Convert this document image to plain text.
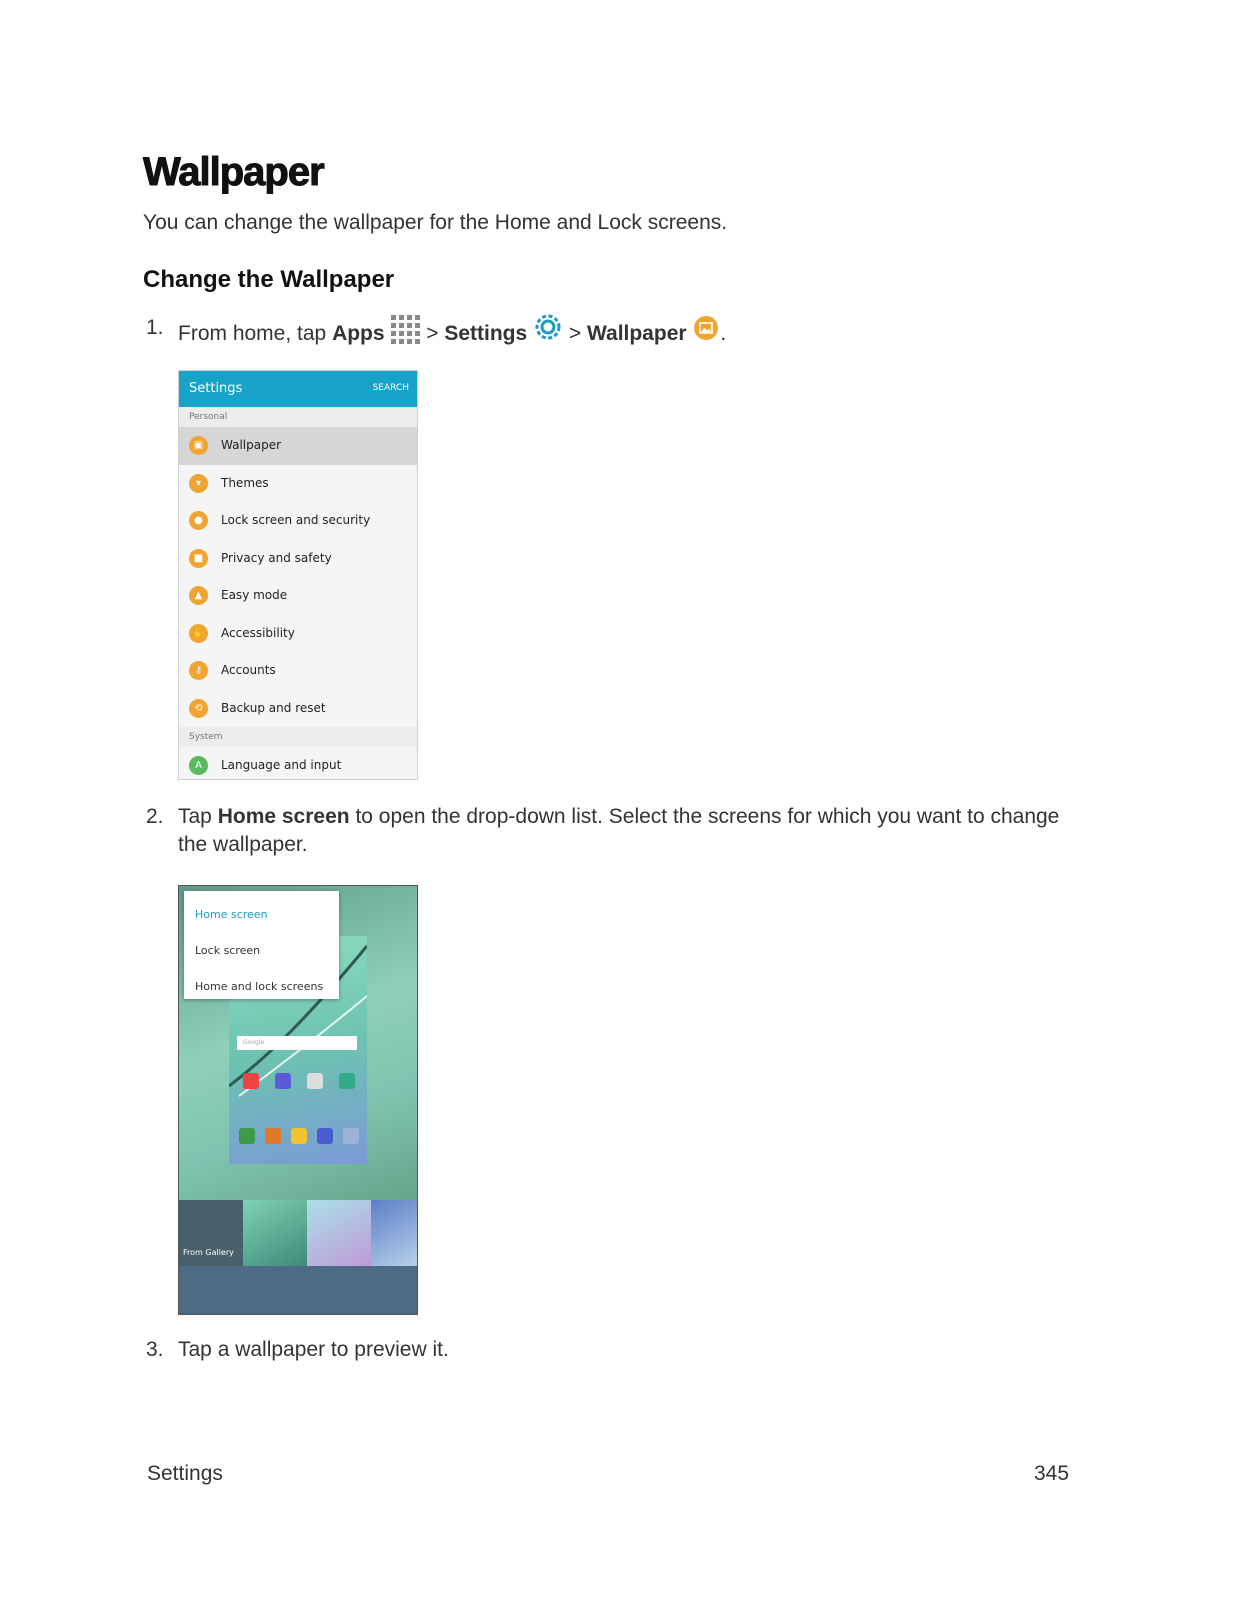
Wallpaper
You can change the wallpaper for the Home and Lock screens.
Change the Wallpaper
1. From home, tap Apps  > Settings  > Wallpaper .
Settings	SEARCH
Personal
▣	Wallpaper
▾	Themes
●	Lock screen and security
■	Privacy and safety
▲	Easy mode
✋ Accessibility
⚷	Accounts
⟲	Backup and reset
System
A	Language and input
2. Tap Home screen to open the drop-down list. Select the screens for which you want to change the wallpaper.
Google
Home screen
Lock screen
Home and lock screens
From Gallery
3. Tap a wallpaper to preview it.
Settings	345
